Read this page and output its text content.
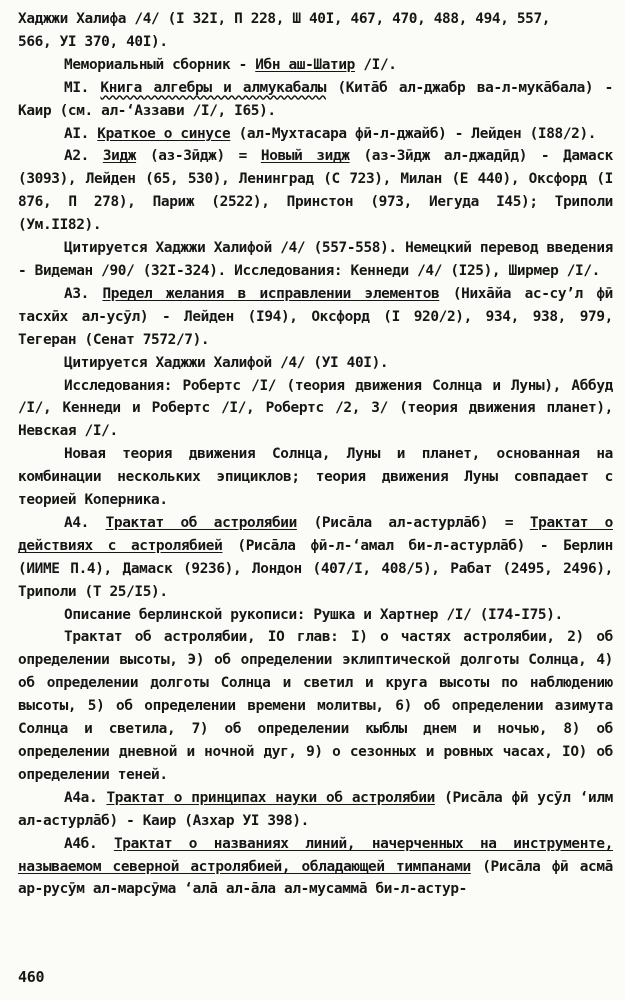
Хаджжи Халифа /4/ (I 32I, П 228, Ш 40I, 467, 470, 488, 494, 557,
566, УI 370, 40I).

Мемориальный сборник - Ибн аш-Шатир /I/.

MI. Книга алгебры и алмукабалы (Китāб ал-джабр ва-л-мукāбала) - Каир (см. ал-‘Аззави /I/, I65).

AI. Краткое о синусе (ал-Мухтасара фӣ-л-джайб) - Лейден (I88/2).

А2. Зидж (аз-Зӣдж) = Новый зидж (аз-Зӣдж ал-джадӣд) - Дамаск (3093), Лейден (65, 530), Ленинград (С 723), Милан (Е 440), Оксфорд (I 876, П 278), Париж (2522), Принстон (973, Иегуда I45); Триполи (Ум.II82).

Цитируется Хаджжи Халифой /4/ (557-558). Немецкий перевод введения - Видеман /90/ (32I-324). Исследования: Кеннеди /4/ (I25), Ширмер /I/.

А3. Предел желания в исправлении элементов (Нихāйа ас-су’л фӣ тасхӣх ал-усӯл) - Лейден (I94), Оксфорд (I 920/2), 934, 938, 979, Тегеран (Сенат 7572/7).

Цитируется Хаджжи Халифой /4/ (УI 40I).

Исследования: Робертс /I/ (теория движения Солнца и Луны), Аббуд /I/, Кеннеди и Робертс /I/, Робертс /2, 3/ (теория движения планет), Невская /I/.

Новая теория движения Солнца, Луны и планет, основанная на комбинации нескольких эпициклов; теория движения Луны совпадает с теорией Коперника.

А4. Трактат об астролябии (Рисāла ал-астурлāб) = Трактат о действиях с астролябией (Рисāла фӣ-л-‘амал би-л-астурлāб) - Берлин (ИИМЕ П.4), Дамаск (9236), Лондон (407/I, 408/5), Рабат (2495, 2496), Триполи (Т 25/I5).

Описание берлинской рукописи: Рушка и Хартнер /I/ (I74-I75).

Трактат об астролябии, IO глав: I) о частях астролябии, 2) об определении высоты, Э) об определении эклиптической долготы Солнца, 4) об определении долготы Солнца и светил и круга высоты по наблюдению высоты, 5) об определении времени молитвы, 6) об определении азимута Солнца и светила, 7) об определении кыблы днем и ночью, 8) об определении дневной и ночной дуг, 9) о сезонных и ровных часах, IO) об определении теней.

А4а. Трактат о принципах науки об астролябии (Рисāла фӣ усӯл ‘илм ал-астурлāб) - Каир (Азхар УI 398).

А4б. Трактат о названиях линий, начерченных на инструменте, называемом северной астролябией, обладающей тимпанами (Рисāла фӣ асмā ар-русӯм ал-марсӯма ‘алā ал-āла ал-мусаммā би-л-астур-

460
